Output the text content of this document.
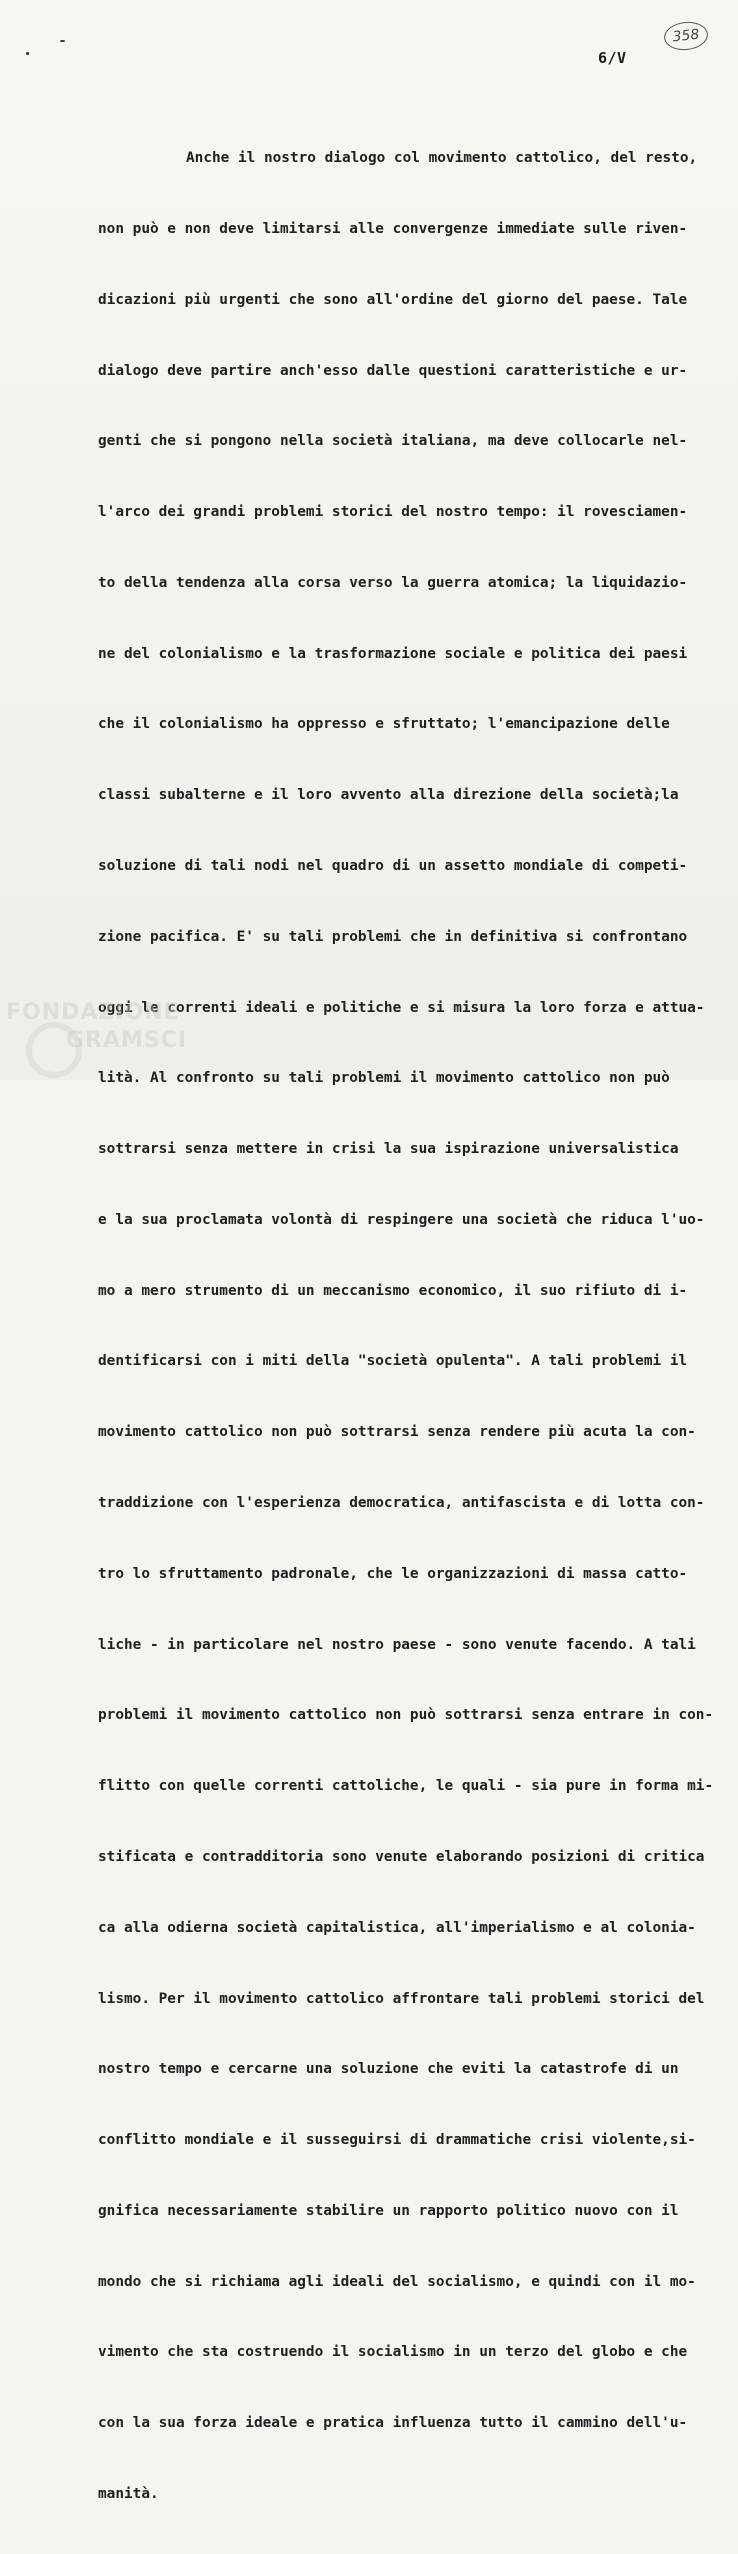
358
6/V

Anche il nostro dialogo col movimento cattolico, del resto,

non può e non deve limitarsi alle convergenze immediate sulle riven-

dicazioni più urgenti che sono all'ordine del giorno del paese. Tale

dialogo deve partire anch'esso dalle questioni caratteristiche e ur-

genti che si pongono nella società italiana, ma deve collocarle nel-

l'arco dei grandi problemi storici del nostro tempo: il rovesciamen-

to della tendenza alla corsa verso la guerra atomica; la liquidazio-

ne del colonialismo e la trasformazione sociale e politica dei paesi

che il colonialismo ha oppresso e sfruttato; l'emancipazione delle

classi subalterne e il loro avvento alla direzione della società;la

soluzione di tali nodi nel quadro di un assetto mondiale di competi-

zione pacifica. E' su tali problemi che in definitiva si confrontano

oggi le correnti ideali e politiche e si misura la loro forza e attua-

lità. Al confronto su tali problemi il movimento cattolico non può

sottrarsi senza mettere in crisi la sua ispirazione universalistica

e la sua proclamata volontà di respingere una società che riduca l'uo-

mo a mero strumento di un meccanismo economico, il suo rifiuto di i-

dentificarsi con i miti della "società opulenta". A tali problemi il

movimento cattolico non può sottrarsi senza rendere più acuta la con-

traddizione con l'esperienza democratica, antifascista e di lotta con-

tro lo sfruttamento padronale, che le organizzazioni di massa catto-

liche - in particolare nel nostro paese - sono venute facendo. A tali

problemi il movimento cattolico non può sottrarsi senza entrare in con-

flitto con quelle correnti cattoliche, le quali - sia pure in forma mi-

stificata e contradditoria sono venute elaborando posizioni di critica

ca alla odierna società capitalistica, all'imperialismo e al colonia-

lismo. Per il movimento cattolico affrontare tali problemi storici del

nostro tempo e cercarne una soluzione che eviti la catastrofe di un

conflitto mondiale e il susseguirsi di drammatiche crisi violente,si-

gnifica necessariamente stabilire un rapporto politico nuovo con il

mondo che si richiama agli ideali del socialismo, e quindi con il mo-

vimento che sta costruendo il socialismo in un terzo del globo e che

con la sua forza ideale e pratica influenza tutto il cammino dell'u-

manità.

FONDAZIONE
GRAMSCI
